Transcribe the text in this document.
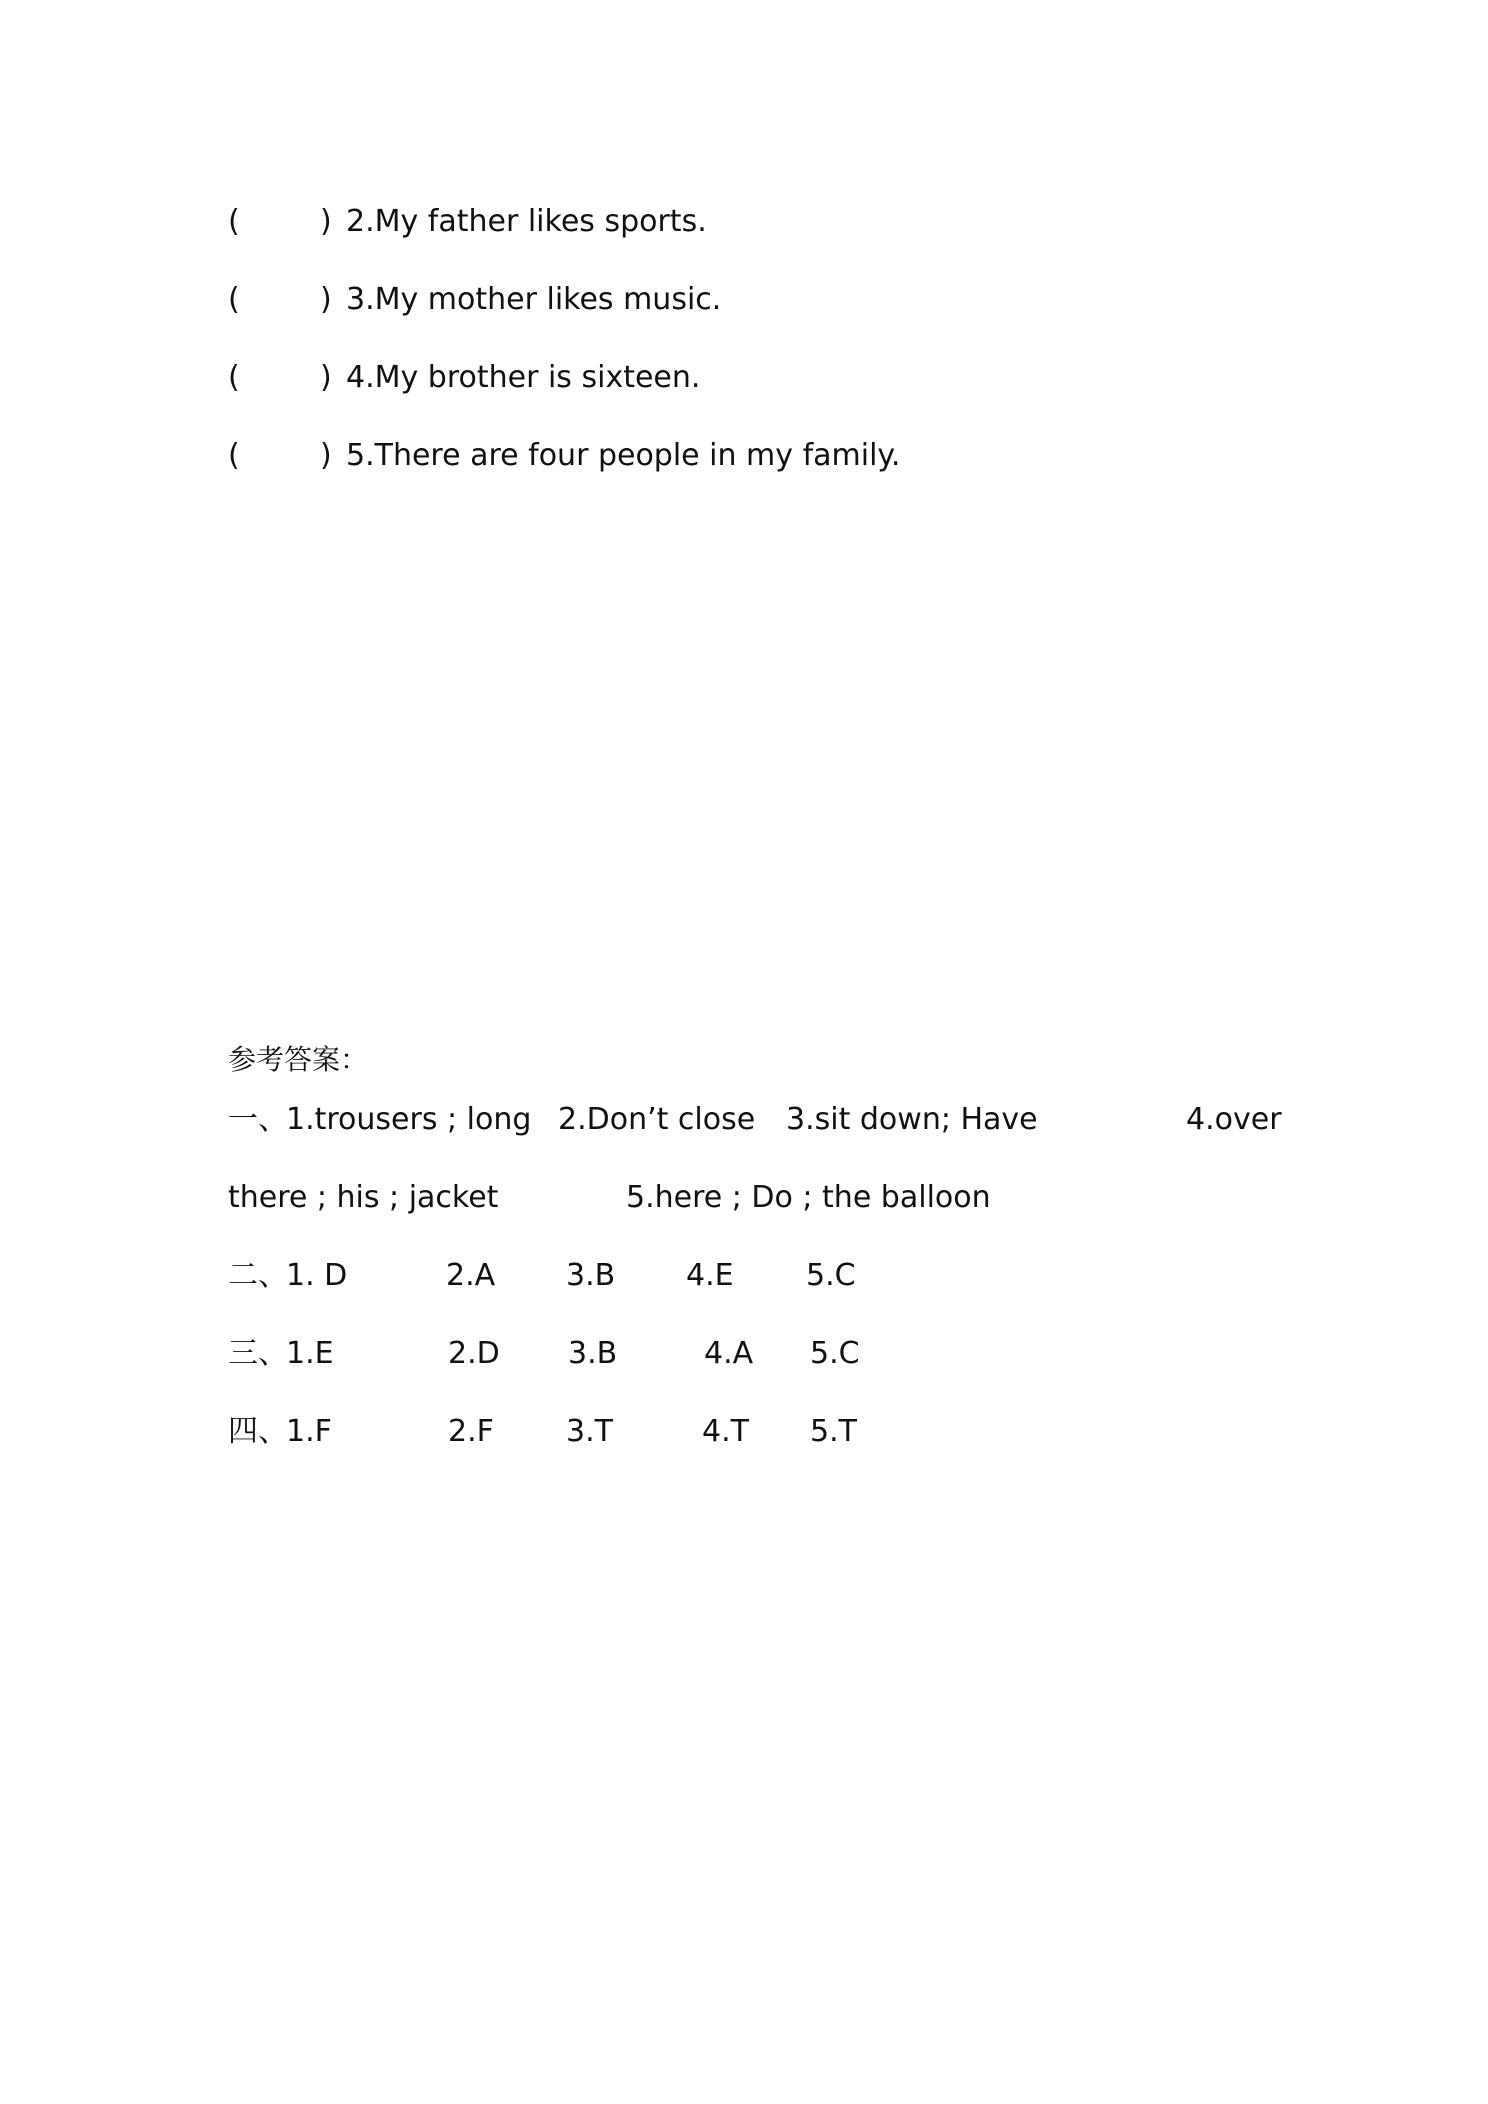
(	) 2.My father likes sports.
(	) 3.My mother likes music.
(	) 4.My brother is sixteen.
(	) 5.There are four people in my family.
参考答案：
一、
1.trousers ; long 2.Don’t close 3.sit down; Have	4.over
there ; his ; jacket	5.here ; Do ; the balloon
二、
1. D	2.A 3.B 4.E 5.C
三、
1.E	2.D 3.B	4.A 5.C
四、
1.F	2.F 3.T	4.T 5.T
